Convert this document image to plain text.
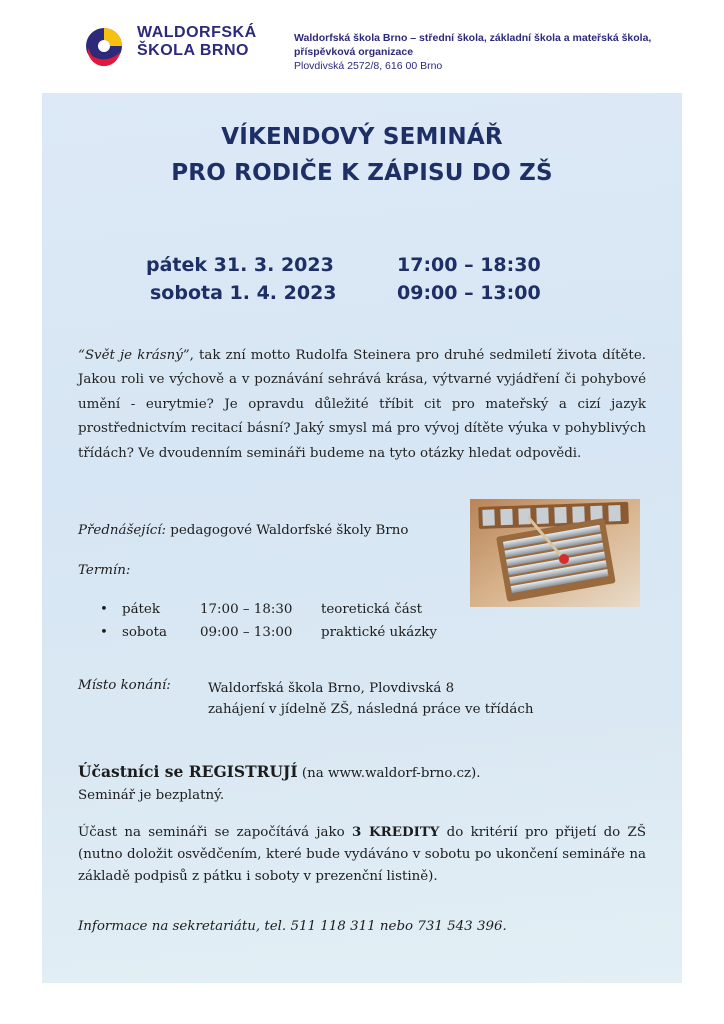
WALDORFSKÁ
ŠKOLA BRNO
Waldorfská škola Brno – střední škola, základní škola a mateřská škola,
příspěvková organizace
Plovdivská 2572/8, 616 00 Brno
VÍKENDOVÝ SEMINÁŘ
PRO RODIČE K ZÁPISU DO ZŠ
pátek 31. 3. 2023	17:00 – 18:30
sobota 1. 4. 2023	09:00 – 13:00
“Svět je krásný”, tak zní motto Rudolfa Steinera pro druhé sedmiletí života dítěte. Jakou roli ve výchově a v poznávání sehrává krása, výtvarné vyjádření či pohybové umění - eurytmie? Je opravdu důležité tříbit cit pro mateřský a cizí jazyk prostřednictvím recitací básní? Jaký smysl má pro vývoj dítěte výuka v pohyblivých třídách? Ve dvoudenním semináři budeme na tyto otázky hledat odpovědi.
Přednášející: pedagogové Waldorfské školy Brno
Termín:
• pátek	17:00 – 18:30 teoretická část
• sobota 09:00 – 13:00 praktické ukázky
Místo konání:	Waldorfská škola Brno, Plovdivská 8
zahájení v jídelně ZŠ, následná práce ve třídách
Účastníci se REGISTRUJÍ (na www.waldorf-brno.cz).
Seminář je bezplatný.
Účast na semináři se započítává jako 3 KREDITY do kritérií pro přijetí do ZŠ (nutno doložit osvědčením, které bude vydáváno v sobotu po ukončení semináře na základě podpisů z pátku i soboty v prezenční listině).
Informace na sekretariátu, tel. 511 118 311 nebo 731 543 396.
